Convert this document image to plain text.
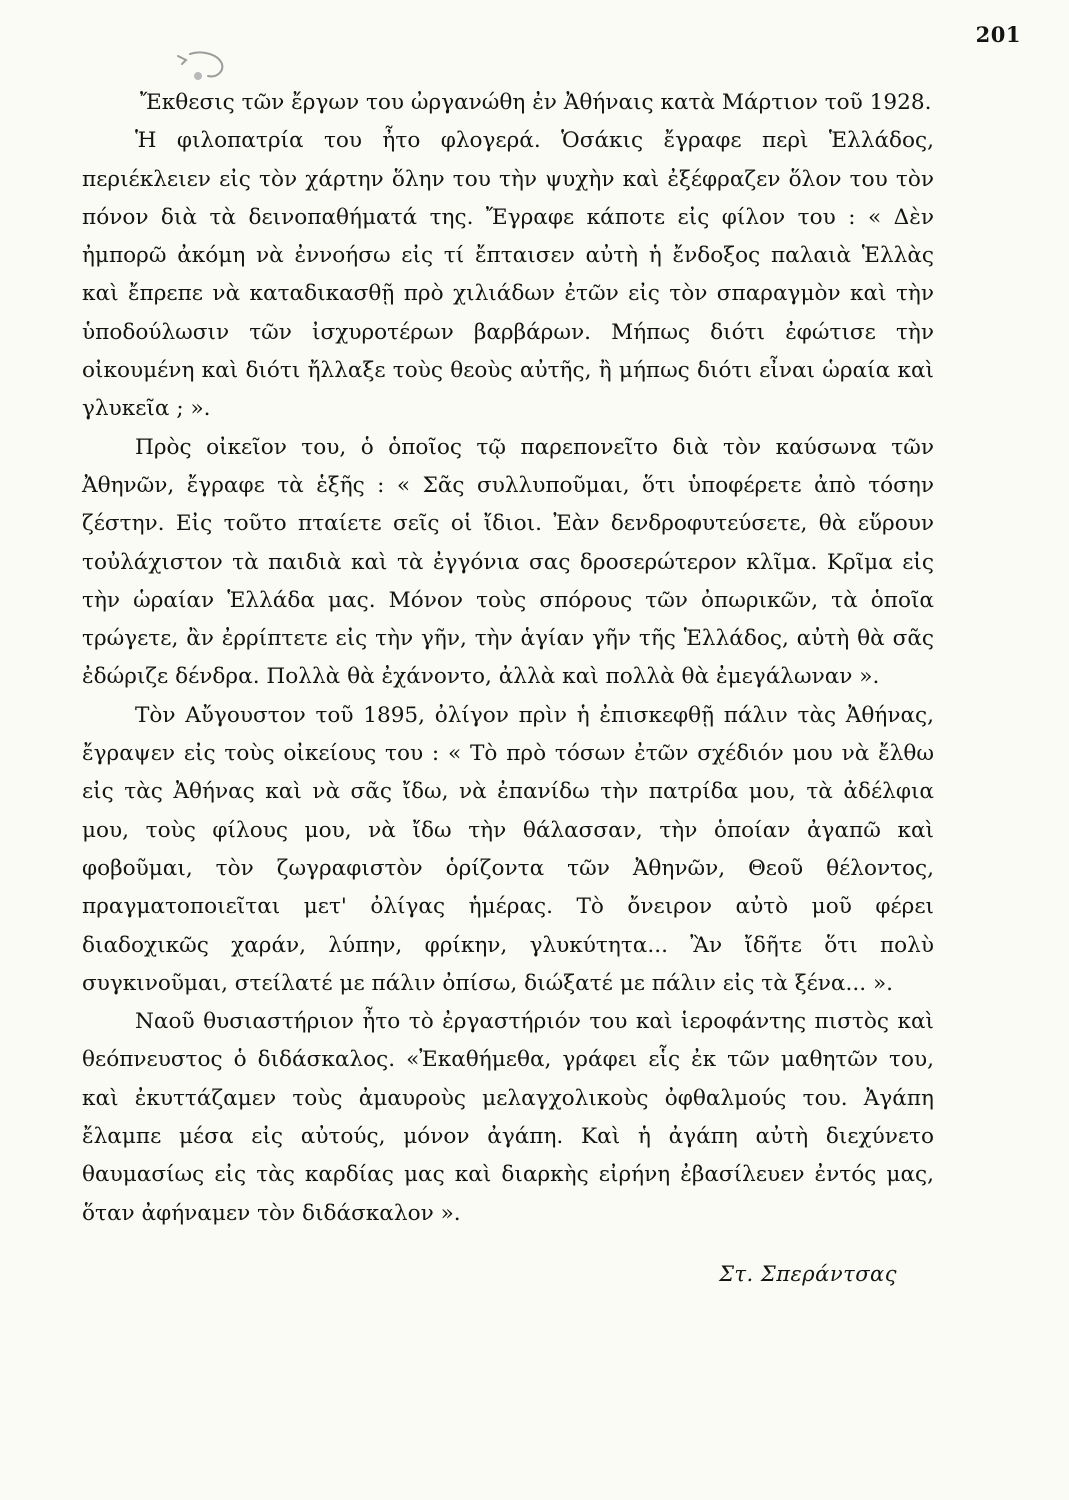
201

Ἔκθεσις τῶν ἔργων του ὠργανώθη ἐν Ἀθήναις κατὰ Μάρτιον τοῦ 1928.

Ἡ φιλοπατρία του ἦτο φλογερά. Ὁσάκις ἔγραφε περὶ Ἑλλάδος, περιέκλειεν εἰς τὸν χάρτην ὅλην του τὴν ψυχὴν καὶ ἐξέφραζεν ὅλον του τὸν πόνον διὰ τὰ δεινοπαθήματά της. Ἔγραφε κάποτε εἰς φίλον του : « Δὲν ἠμπορῶ ἀκόμη νὰ ἐννοήσω εἰς τί ἔπταισεν αὐτὴ ἡ ἔνδοξος παλαιὰ Ἑλλὰς καὶ ἔπρεπε νὰ καταδικασθῇ πρὸ χιλιάδων ἐτῶν εἰς τὸν σπαραγμὸν καὶ τὴν ὑποδούλωσιν τῶν ἰσχυροτέρων βαρβάρων. Μήπως διότι ἐφώτισε τὴν οἰκουμένη καὶ διότι ἤλλαξε τοὺς θεοὺς αὐτῆς, ἢ μήπως διότι εἶναι ὡραία καὶ γλυκεῖα ; ».

Πρὸς οἰκεῖον του, ὁ ὁποῖος τῷ παρεπονεῖτο διὰ τὸν καύσωνα τῶν Ἀθηνῶν, ἔγραφε τὰ ἑξῆς : « Σᾶς συλλυποῦμαι, ὅτι ὑποφέρετε ἀπὸ τόσην ζέστην. Εἰς τοῦτο πταίετε σεῖς οἱ ἴδιοι. Ἐὰν δενδροφυτεύσετε, θὰ εὕρουν τοὐλάχιστον τὰ παιδιὰ καὶ τὰ ἐγγόνια σας δροσερώτερον κλῖμα. Κρῖμα εἰς τὴν ὡραίαν Ἑλλάδα μας. Μόνον τοὺς σπόρους τῶν ὀπωρικῶν, τὰ ὁποῖα τρώγετε, ἂν ἐρρίπτετε εἰς τὴν γῆν, τὴν ἁγίαν γῆν τῆς Ἑλλάδος, αὐτὴ θὰ σᾶς ἐδώριζε δένδρα. Πολλὰ θὰ ἐχάνοντο, ἀλλὰ καὶ πολλὰ θὰ ἐμεγάλωναν ».

Τὸν Αὔγουστον τοῦ 1895, ὀλίγον πρὶν ἡ ἐπισκεφθῇ πάλιν τὰς Ἀθήνας, ἔγραψεν εἰς τοὺς οἰκείους του : « Τὸ πρὸ τόσων ἐτῶν σχέδιόν μου νὰ ἔλθω εἰς τὰς Ἀθήνας καὶ νὰ σᾶς ἴδω, νὰ ἐπανίδω τὴν πατρίδα μου, τὰ ἀδέλφια μου, τοὺς φίλους μου, νὰ ἴδω τὴν θάλασσαν, τὴν ὁποίαν ἀγαπῶ καὶ φοβοῦμαι, τὸν ζωγραφιστὸν ὁρίζοντα τῶν Ἀθηνῶν, Θεοῦ θέλοντος, πραγματοποιεῖται μετ' ὀλίγας ἡμέρας. Τὸ ὄνειρον αὐτὸ μοῦ φέρει διαδοχικῶς χαράν, λύπην, φρίκην, γλυκύτητα... Ἂν ἴδῆτε ὅτι πολὺ συγκινοῦμαι, στείλατέ με πάλιν ὀπίσω, διώξατέ με πάλιν εἰς τὰ ξένα... ».

Ναοῦ θυσιαστήριον ἦτο τὸ ἐργαστήριόν του καὶ ἱεροφάντης πιστὸς καὶ θεόπνευστος ὁ διδάσκαλος. «Ἐκαθήμεθα, γράφει εἷς ἐκ τῶν μαθητῶν του, καὶ ἐκυττάζαμεν τοὺς ἀμαυροὺς μελαγχολικοὺς ὀφθαλμούς του. Ἀγάπη ἔλαμπε μέσα εἰς αὐτούς, μόνον ἀγάπη. Καὶ ἡ ἀγάπη αὐτὴ διεχύνετο θαυμασίως εἰς τὰς καρδίας μας καὶ διαρκὴς εἰρήνη ἐβασίλευεν ἐντός μας, ὅταν ἀφήναμεν τὸν διδάσκαλον ».

Στ. Σπεράντσας
